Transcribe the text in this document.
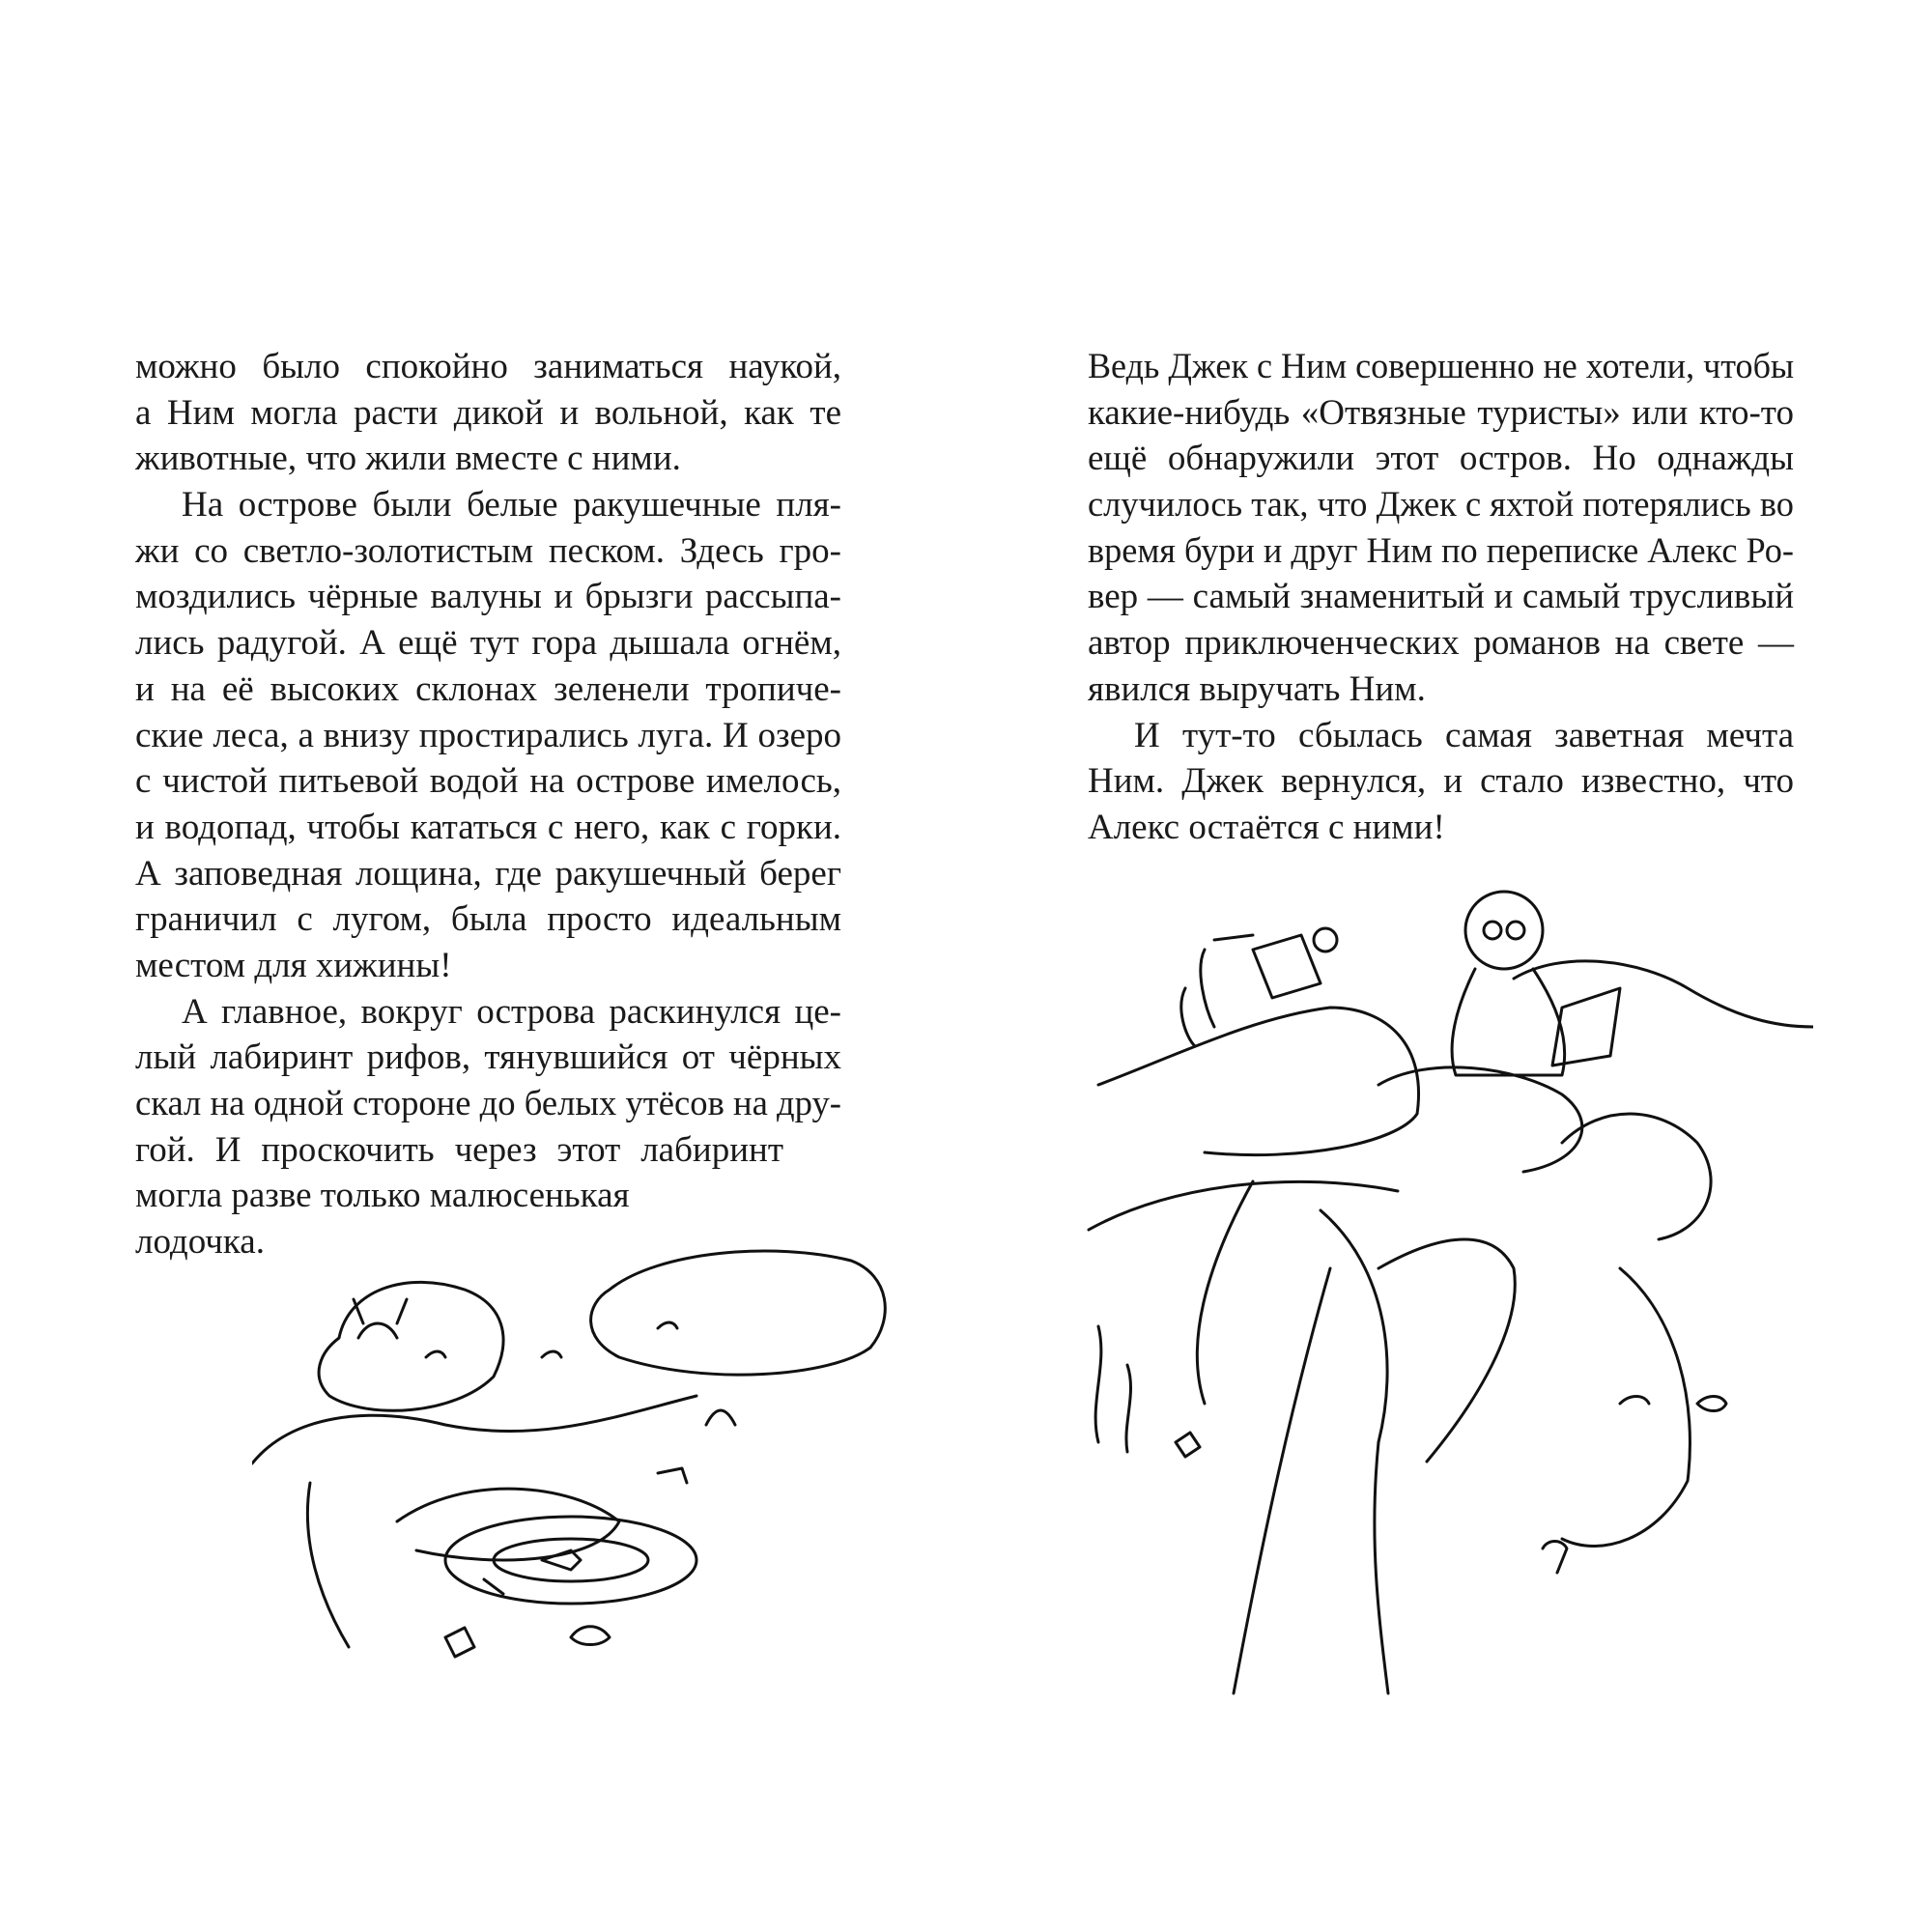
можно было спокойно заниматься наукой,
а Ним могла расти дикой и вольной, как те
животные, что жили вместе с ними.
На острове были белые ракушечные пля-
жи со светло-золотистым песком. Здесь гро-
моздились чёрные валуны и брызги рассыпа-
лись радугой. А ещё тут гора дышала огнём,
и на её высоких склонах зеленели тропиче-
ские леса, а внизу простирались луга. И озеро
с чистой питьевой водой на острове имелось,
и водопад, чтобы кататься с него, как с горки.
А заповедная лощина, где ракушечный берег
граничил с лугом, была просто идеальным
местом для хижины!
А главное, вокруг острова раскинулся це-
лый лабиринт рифов, тянувшийся от чёрных
скал на одной стороне до белых утёсов на дру-
гой. И проскочить через этот лабиринт
могла разве только малюсенькая
лодочка.
Ведь Джек с Ним совершенно не хотели, чтобы
какие-нибудь «Отвязные туристы» или кто-то
ещё обнаружили этот остров. Но однажды
случилось так, что Джек с яхтой потерялись во
время бури и друг Ним по переписке Алекс Ро-
вер — самый знаменитый и самый трусливый
автор приключенческих романов на свете —
явился выручать Ним.
И тут-то сбылась самая заветная мечта
Ним. Джек вернулся, и стало известно, что
Алекс остаётся с ними!
